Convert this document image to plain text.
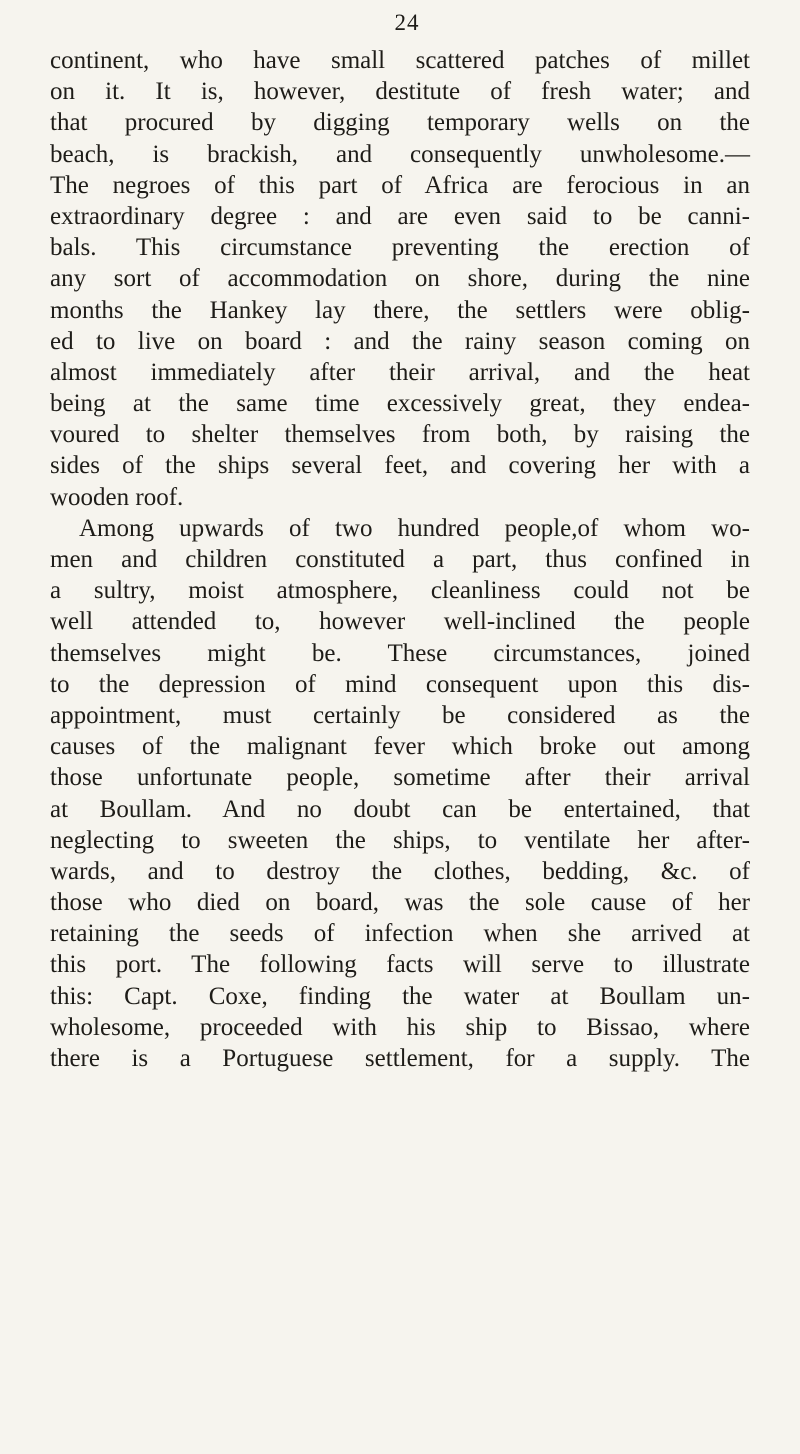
24
continent, who have small scattered patches of millet
on it. It is, however, destitute of fresh water; and
that procured by digging temporary wells on the
beach, is brackish, and consequently unwholesome.—
The negroes of this part of Africa are ferocious in an
extraordinary degree : and are even said to be canni-
bals. This circumstance preventing the erection of
any sort of accommodation on shore, during the nine
months the Hankey lay there, the settlers were oblig-
ed to live on board : and the rainy season coming on
almost immediately after their arrival, and the heat
being at the same time excessively great, they endea-
voured to shelter themselves from both, by raising the
sides of the ships several feet, and covering her with a
wooden roof.
Among upwards of two hundred people,of whom wo-
men and children constituted a part, thus confined in
a sultry, moist atmosphere, cleanliness could not be
well attended to, however well-inclined the people
themselves might be. These circumstances, joined
to the depression of mind consequent upon this dis-
appointment, must certainly be considered as the
causes of the malignant fever which broke out among
those unfortunate people, sometime after their arrival
at Boullam. And no doubt can be entertained, that
neglecting to sweeten the ships, to ventilate her after-
wards, and to destroy the clothes, bedding, &c. of
those who died on board, was the sole cause of her
retaining the seeds of infection when she arrived at
this port. The following facts will serve to illustrate
this: Capt. Coxe, finding the water at Boullam un-
wholesome, proceeded with his ship to Bissao, where
there is a Portuguese settlement, for a supply. The
